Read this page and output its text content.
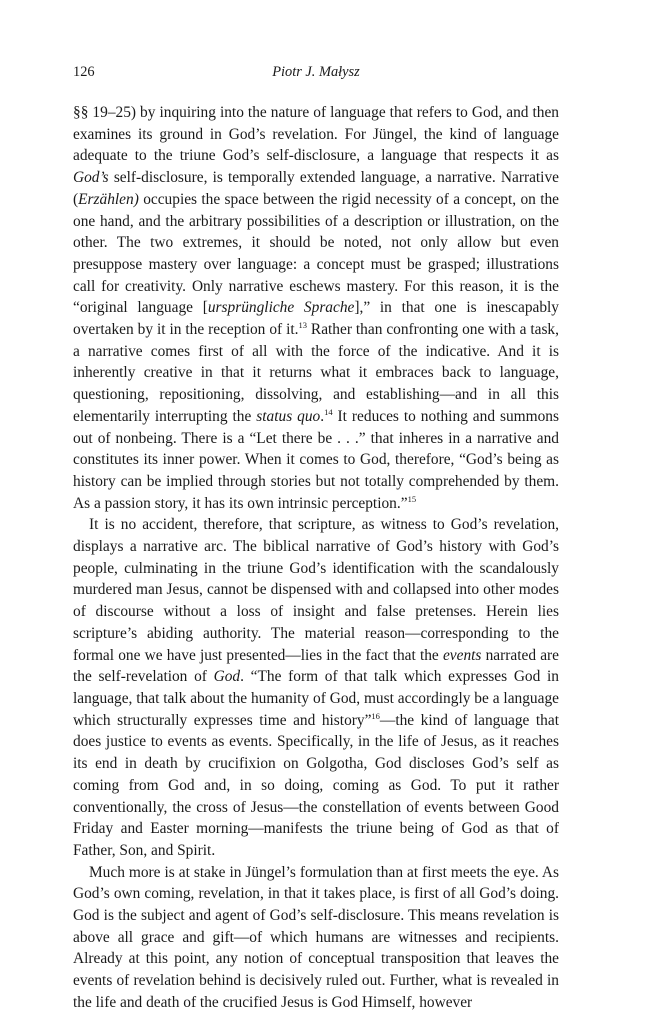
126	Piotr J. Małysz

§§ 19–25) by inquiring into the nature of language that refers to God, and then examines its ground in God’s revelation. For Jüngel, the kind of language adequate to the triune God’s self-disclosure, a language that respects it as God’s self-disclosure, is temporally extended language, a narrative. Narrative (Erzählen) occupies the space between the rigid necessity of a concept, on the one hand, and the arbitrary possibilities of a description or illustration, on the other. The two extremes, it should be noted, not only allow but even presuppose mastery over language: a concept must be grasped; illustrations call for creativity. Only narrative eschews mastery. For this reason, it is the “original language [ursprüngliche Sprache],” in that one is inescapably overtaken by it in the reception of it.$^{13}$ Rather than confronting one with a task, a narrative comes first of all with the force of the indicative. And it is inherently creative in that it returns what it embraces back to language, questioning, repositioning, dissolving, and establishing—and in all this elementarily interrupting the status quo.$^{14}$ It reduces to nothing and summons out of nonbeing. There is a “Let there be . . .” that inheres in a narrative and constitutes its inner power. When it comes to God, therefore, “God’s being as history can be implied through stories but not totally comprehended by them. As a passion story, it has its own intrinsic perception.”$^{15}$

It is no accident, therefore, that scripture, as witness to God’s revelation, displays a narrative arc. The biblical narrative of God’s history with God’s people, culminating in the triune God’s identification with the scandalously murdered man Jesus, cannot be dispensed with and collapsed into other modes of discourse without a loss of insight and false pretenses. Herein lies scripture’s abiding authority. The material reason—corresponding to the formal one we have just presented—lies in the fact that the events narrated are the self-revelation of God. “The form of that talk which expresses God in language, that talk about the humanity of God, must accordingly be a language which structurally expresses time and history”$^{16}$—the kind of language that does justice to events as events. Specifically, in the life of Jesus, as it reaches its end in death by crucifixion on Golgotha, God discloses God’s self as coming from God and, in so doing, coming as God. To put it rather conventionally, the cross of Jesus—the constellation of events between Good Friday and Easter morning—manifests the triune being of God as that of Father, Son, and Spirit.

Much more is at stake in Jüngel’s formulation than at first meets the eye. As God’s own coming, revelation, in that it takes place, is first of all God’s doing. God is the subject and agent of God’s self-disclosure. This means revelation is above all grace and gift—of which humans are witnesses and recipients. Already at this point, any notion of conceptual transposition that leaves the events of revelation behind is decisively ruled out. Further, what is revealed in the life and death of the crucified Jesus is God Himself, however
